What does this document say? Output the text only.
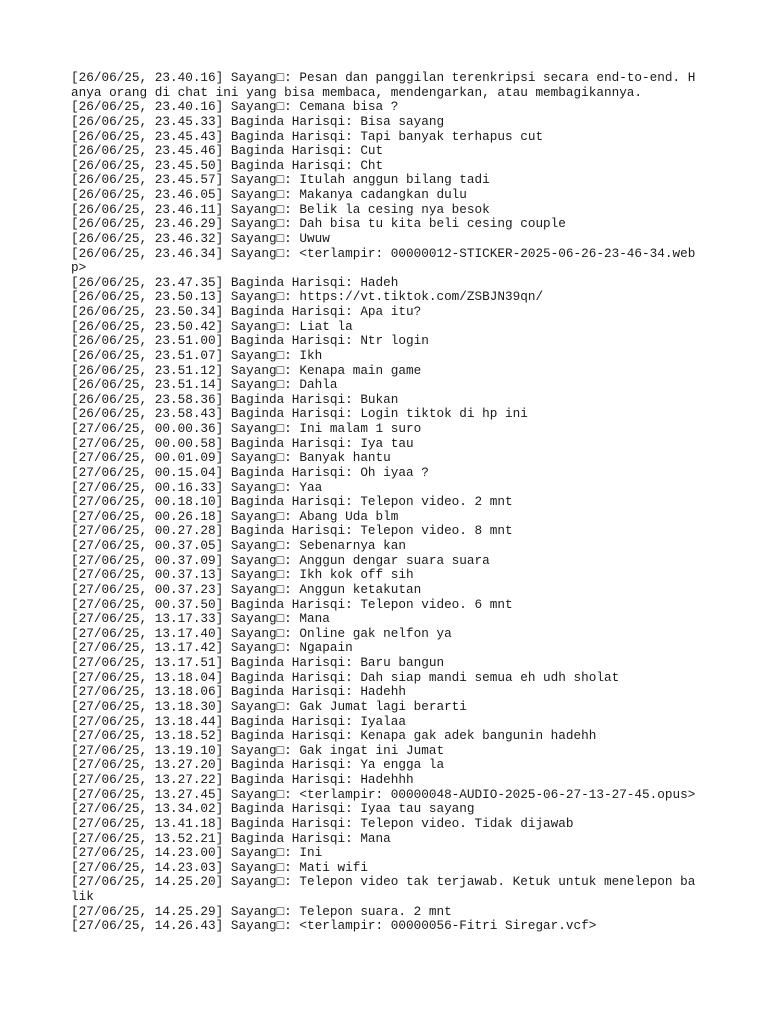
[26/06/25, 23.40.16] Sayang□: Pesan dan panggilan terenkripsi secara end-to-end. Hanya orang di chat ini yang bisa membaca, mendengarkan, atau membagikannya.
[26/06/25, 23.40.16] Sayang□: Cemana bisa ?
[26/06/25, 23.45.33] Baginda Harisqi: Bisa sayang
[26/06/25, 23.45.43] Baginda Harisqi: Tapi banyak terhapus cut
[26/06/25, 23.45.46] Baginda Harisqi: Cut
[26/06/25, 23.45.50] Baginda Harisqi: Cht
[26/06/25, 23.45.57] Sayang□: Itulah anggun bilang tadi
[26/06/25, 23.46.05] Sayang□: Makanya cadangkan dulu
[26/06/25, 23.46.11] Sayang□: Belik la cesing nya besok
[26/06/25, 23.46.29] Sayang□: Dah bisa tu kita beli cesing couple
[26/06/25, 23.46.32] Sayang□: Uwuw
[26/06/25, 23.46.34] Sayang□: <terlampir: 00000012-STICKER-2025-06-26-23-46-34.webp>
[26/06/25, 23.47.35] Baginda Harisqi: Hadeh
[26/06/25, 23.50.13] Sayang□: https://vt.tiktok.com/ZSBJN39qn/
[26/06/25, 23.50.34] Baginda Harisqi: Apa itu?
[26/06/25, 23.50.42] Sayang□: Liat la
[26/06/25, 23.51.00] Baginda Harisqi: Ntr login
[26/06/25, 23.51.07] Sayang□: Ikh
[26/06/25, 23.51.12] Sayang□: Kenapa main game
[26/06/25, 23.51.14] Sayang□: Dahla
[26/06/25, 23.58.36] Baginda Harisqi: Bukan
[26/06/25, 23.58.43] Baginda Harisqi: Login tiktok di hp ini
[27/06/25, 00.00.36] Sayang□: Ini malam 1 suro
[27/06/25, 00.00.58] Baginda Harisqi: Iya tau
[27/06/25, 00.01.09] Sayang□: Banyak hantu
[27/06/25, 00.15.04] Baginda Harisqi: Oh iyaa ?
[27/06/25, 00.16.33] Sayang□: Yaa
[27/06/25, 00.18.10] Baginda Harisqi: Telepon video. 2 mnt
[27/06/25, 00.26.18] Sayang□: Abang Uda blm
[27/06/25, 00.27.28] Baginda Harisqi: Telepon video. 8 mnt
[27/06/25, 00.37.05] Sayang□: Sebenarnya kan
[27/06/25, 00.37.09] Sayang□: Anggun dengar suara suara
[27/06/25, 00.37.13] Sayang□: Ikh kok off sih
[27/06/25, 00.37.23] Sayang□: Anggun ketakutan
[27/06/25, 00.37.50] Baginda Harisqi: Telepon video. 6 mnt
[27/06/25, 13.17.33] Sayang□: Mana
[27/06/25, 13.17.40] Sayang□: Online gak nelfon ya
[27/06/25, 13.17.42] Sayang□: Ngapain
[27/06/25, 13.17.51] Baginda Harisqi: Baru bangun
[27/06/25, 13.18.04] Baginda Harisqi: Dah siap mandi semua eh udh sholat
[27/06/25, 13.18.06] Baginda Harisqi: Hadehh
[27/06/25, 13.18.30] Sayang□: Gak Jumat lagi berarti
[27/06/25, 13.18.44] Baginda Harisqi: Iyalaa
[27/06/25, 13.18.52] Baginda Harisqi: Kenapa gak adek bangunin hadehh
[27/06/25, 13.19.10] Sayang□: Gak ingat ini Jumat
[27/06/25, 13.27.20] Baginda Harisqi: Ya engga la
[27/06/25, 13.27.22] Baginda Harisqi: Hadehhh
[27/06/25, 13.27.45] Sayang□: <terlampir: 00000048-AUDIO-2025-06-27-13-27-45.opus>
[27/06/25, 13.34.02] Baginda Harisqi: Iyaa tau sayang
[27/06/25, 13.41.18] Baginda Harisqi: Telepon video. Tidak dijawab
[27/06/25, 13.52.21] Baginda Harisqi: Mana
[27/06/25, 14.23.00] Sayang□: Ini
[27/06/25, 14.23.03] Sayang□: Mati wifi
[27/06/25, 14.25.20] Sayang□: Telepon video tak terjawab. Ketuk untuk menelepon balik
[27/06/25, 14.25.29] Sayang□: Telepon suara. 2 mnt
[27/06/25, 14.26.43] Sayang□: <terlampir: 00000056-Fitri Siregar.vcf>
